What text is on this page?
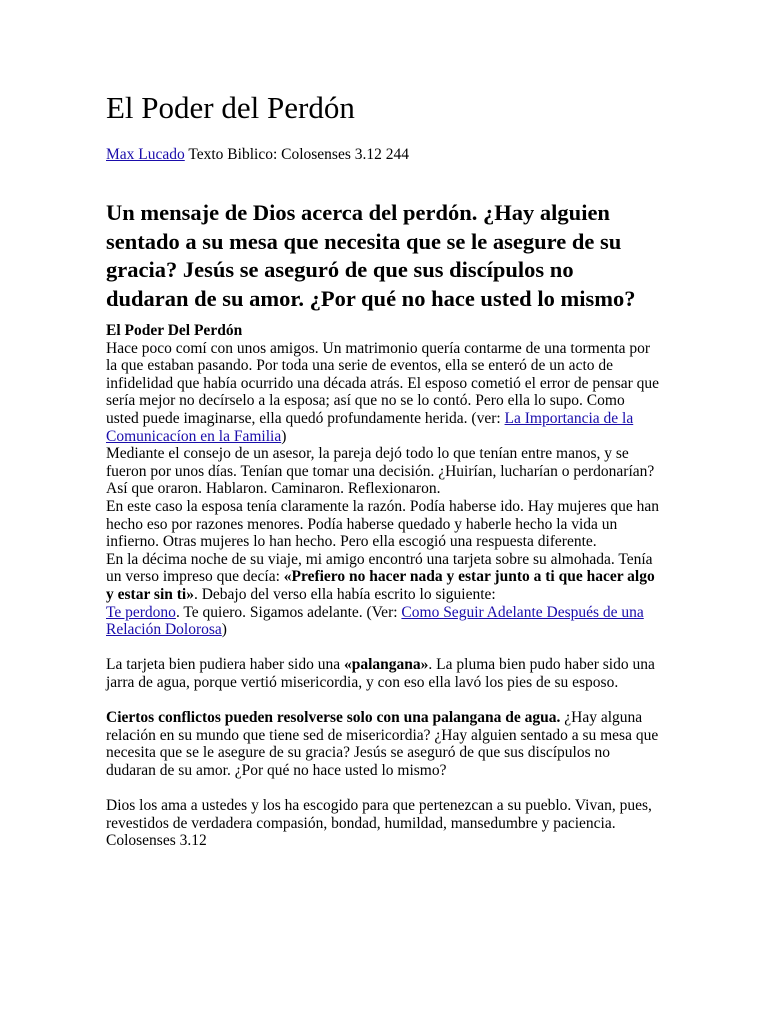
El Poder del Perdón
Max Lucado Texto Biblico: Colosenses 3.12 244
Un mensaje de Dios acerca del perdón. ¿Hay alguien sentado a su mesa que necesita que se le asegure de su gracia? Jesús se aseguró de que sus discípulos no dudaran de su amor. ¿Por qué no hace usted lo mismo?

El Poder Del Perdón

Hace poco comí con unos amigos. Un matrimonio quería contarme de una tormenta por la que estaban pasando. Por toda una serie de eventos, ella se enteró de un acto de infidelidad que había ocurrido una década atrás. El esposo cometió el error de pensar que sería mejor no decírselo a la esposa; así que no se lo contó. Pero ella lo supo. Como usted puede imaginarse, ella quedó profundamente herida. (ver: La Importancia de la Comunicacíon en la Familia)

Mediante el consejo de un asesor, la pareja dejó todo lo que tenían entre manos, y se fueron por unos días. Tenían que tomar una decisión. ¿Huirían, lucharían o perdonarían? Así que oraron. Hablaron. Caminaron. Reflexionaron.

En este caso la esposa tenía claramente la razón. Podía haberse ido. Hay mujeres que han hecho eso por razones menores. Podía haberse quedado y haberle hecho la vida un infierno. Otras mujeres lo han hecho. Pero ella escogió una respuesta diferente.

En la décima noche de su viaje, mi amigo encontró una tarjeta sobre su almohada. Tenía un verso impreso que decía: «Prefiero no hacer nada y estar junto a ti que hacer algo y estar sin ti». Debajo del verso ella había escrito lo siguiente:

Te perdono. Te quiero. Sigamos adelante. (Ver: Como Seguir Adelante Después de una Relación Dolorosa)

La tarjeta bien pudiera haber sido una «palangana». La pluma bien pudo haber sido una jarra de agua, porque vertió misericordia, y con eso ella lavó los pies de su esposo.

Ciertos conflictos pueden resolverse solo con una palangana de agua. ¿Hay alguna relación en su mundo que tiene sed de misericordia? ¿Hay alguien sentado a su mesa que necesita que se le asegure de su gracia? Jesús se aseguró de que sus discípulos no dudaran de su amor. ¿Por qué no hace usted lo mismo?

Dios los ama a ustedes y los ha escogido para que pertenezcan a su pueblo. Vivan, pues, revestidos de verdadera compasión, bondad, humildad, mansedumbre y paciencia.

Colosenses 3.12
